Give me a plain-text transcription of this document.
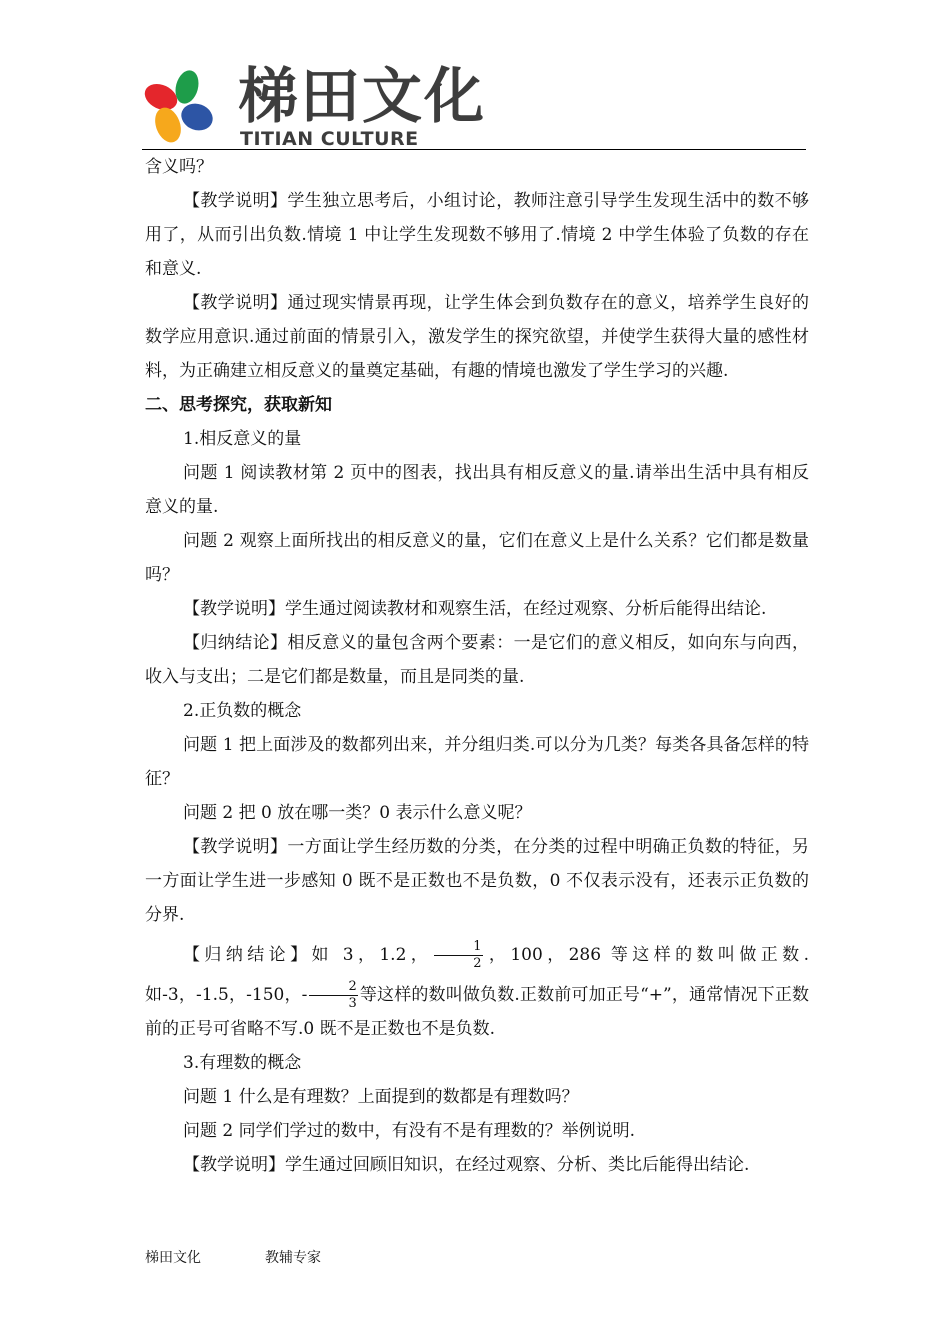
梯田文化
TITIAN CULTURE

含义吗？

【教学说明】学生独立思考后，小组讨论，教师注意引导学生发现生活中的数不够用了，从而引出负数.情境 1 中让学生发现数不够用了.情境 2 中学生体验了负数的存在和意义.

【教学说明】通过现实情景再现，让学生体会到负数存在的意义，培养学生良好的数学应用意识.通过前面的情景引入，激发学生的探究欲望，并使学生获得大量的感性材料，为正确建立相反意义的量奠定基础，有趣的情境也激发了学生学习的兴趣.

二、思考探究，获取新知

1.相反意义的量

问题 1 阅读教材第 2 页中的图表，找出具有相反意义的量.请举出生活中具有相反意义的量.

问题 2 观察上面所找出的相反意义的量，它们在意义上是什么关系？它们都是数量吗？

【教学说明】学生通过阅读教材和观察生活，在经过观察、分析后能得出结论.

【归纳结论】相反意义的量包含两个要素：一是它们的意义相反，如向东与向西，收入与支出；二是它们都是数量，而且是同类的量.

2.正负数的概念

问题 1 把上面涉及的数都列出来，并分组归类.可以分为几类？每类各具备怎样的特征？

问题 2 把 0 放在哪一类？0 表示什么意义呢？

【教学说明】一方面让学生经历数的分类，在分类的过程中明确正负数的特征，另一方面让学生进一步感知 0 既不是正数也不是负数，0 不仅表示没有，还表示正负数的分界.

【归纳结论】如 3，1.2， $\frac{1}{2}$ ，100，286 等这样的数叫做正数.如-3，-1.5，-150，- $\frac{2}{3}$ 等这样的数叫做负数.正数前可加正号“+”，通常情况下正数前的正号可省略不写.0 既不是正数也不是负数.

3.有理数的概念

问题 1 什么是有理数？上面提到的数都是有理数吗？

问题 2 同学们学过的数中，有没有不是有理数的？举例说明.

【教学说明】学生通过回顾旧知识，在经过观察、分析、类比后能得出结论.

梯田文化	教辅专家
